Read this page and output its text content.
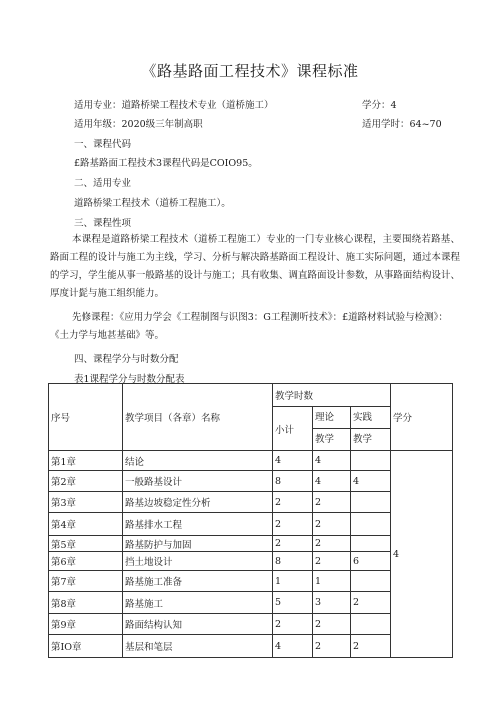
《路基路面工程技术》课程标准
适用专业：道路桥梁工程技术专业（道桥施工）	学分：4
适用年级：2020级三年制高职	适用学时：64~70
一、课程代码
£路基路面工程技术3课程代码是COIO95。
二、适用专业
道路桥梁工程技术（道桥工程施工）。
三、课程性项
本课程是道路桥梁工程技术（道桥工程施工）专业的一门专业核心课程，主要围绕若路基、路面工程的设计与施工为主线，学习、分析与解决路基路面工程设计、施工实际问题，通过本课程的学习，学生能从事一般路基的设计与施工；具有收集、调直路面设计参数，从事路面结构设计、厚度计髭与施工组织能力。
先修课程：《应用力学会《工程制图与识图3：G工程测听技术》：£道路材料试验与检测》：《土力学与地甚基础》等。
四、课程学分与时数分配
表1课程学分与时数分配表
序号	教学项目（各章）名称	教学时数			学分
		小计	理论	实践	
			教学	教学	
第1章	结论	4	4		4
第2章	一般路基设计	8	4	4	
第3章	路基边坡稳定性分析	2	2		
第4章	路基排水工程	2	2		
第5章	路基防护与加固	2	2		
第6章	挡土地设计	8	2	6	
第7章	路基施工准备	1	1		
第8章	路基施工	5	3	2	
第9章	路面结构认知	2	2		
第IO章	基层和笔层	4	2	2	
